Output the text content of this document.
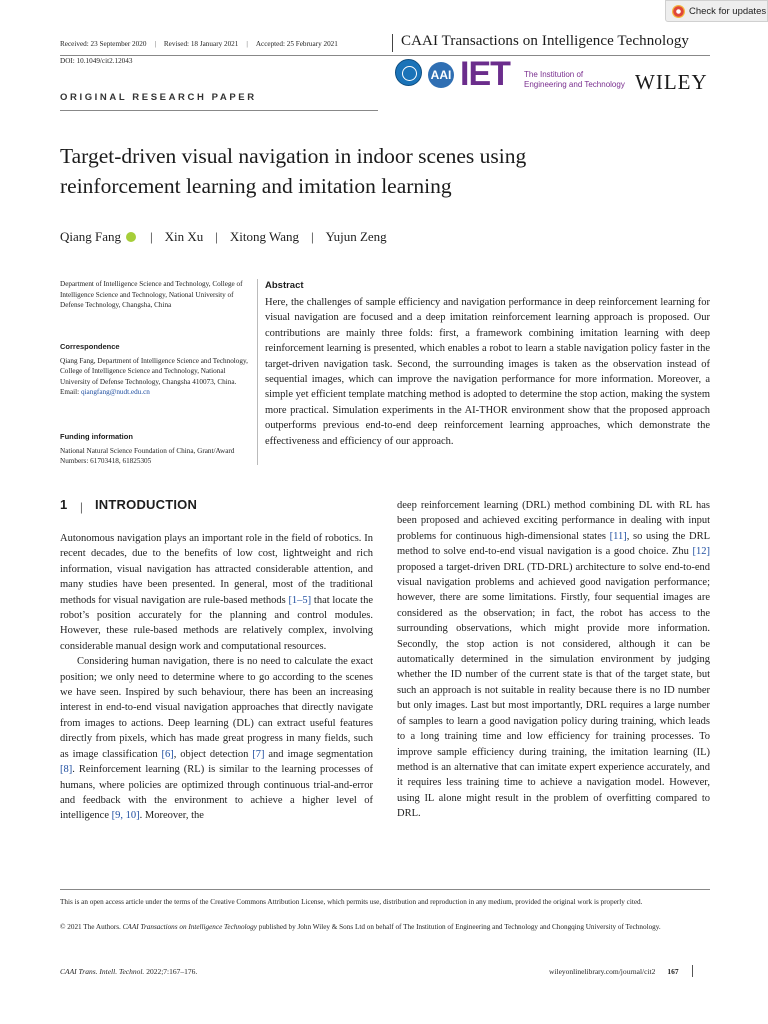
Check for updates
Received: 23 September 2020 | Revised: 18 January 2021 | Accepted: 25 February 2021	CAAI Transactions on Intelligence Technology
DOI: 10.1049/cit2.12043
AAI IET The Institution of
Engineering and Technology WILEY
ORIGINAL RESEARCH PAPER
Target-driven visual navigation in indoor scenes using
reinforcement learning and imitation learning
Qiang Fang | Xin Xu | Xitong Wang | Yujun Zeng
Department of Intelligence Science and Technology, College of Intelligence Science and Technology, National University of Defense Technology, Changsha, China
Correspondence
Qiang Fang, Department of Intelligence Science and Technology, College of Intelligence Science and Technology, National University of Defense Technology, Changsha 410073, China.
Email: qiangfang@nudt.edu.cn
Funding information
National Natural Science Foundation of China, Grant/Award Numbers: 61703418, 61825305
Abstract
Here, the challenges of sample efficiency and navigation performance in deep reinforcement learning for visual navigation are focused and a deep imitation reinforcement learning approach is proposed. Our contributions are mainly three folds: first, a framework combining imitation learning with deep reinforcement learning is presented, which enables a robot to learn a stable navigation policy faster in the target-driven navigation task. Second, the surrounding images is taken as the observation instead of sequential images, which can improve the navigation performance for more information. Moreover, a simple yet efficient template matching method is adopted to determine the stop action, making the system more practical. Simulation experiments in the AI-THOR environment show that the proposed approach outperforms previous end-to-end deep reinforcement learning approaches, which demonstrate the effectiveness and efficiency of our approach.
1 | INTRODUCTION

Autonomous navigation plays an important role in the field of robotics. In recent decades, due to the benefits of low cost, lightweight and rich information, visual navigation has attracted considerable attention, and many studies have been presented. In general, most of the traditional methods for visual navigation are rule-based methods [1–5] that locate the robot’s position accurately for the planning and control modules. However, these rule-based methods are relatively complex, involving considerable manual design work and computational resources.

Considering human navigation, there is no need to calculate the exact position; we only need to determine where to go according to the scenes we have seen. Inspired by such behaviour, there has been an increasing interest in end-to-end visual navigation approaches that directly navigate from images to actions. Deep learning (DL) can extract useful features directly from pixels, which has made great progress in many fields, such as image classification [6], object detection [7] and image segmentation [8]. Reinforcement learning (RL) is similar to the learning processes of humans, where policies are optimized through continuous trial-and-error and feedback with the environment to achieve a higher level of intelligence [9, 10]. Moreover, the

deep reinforcement learning (DRL) method combining DL with RL has been proposed and achieved exciting performance in dealing with input problems for continuous high-dimensional states [11], so using the DRL method to solve end-to-end visual navigation is a good choice. Zhu [12] proposed a target-driven DRL (TD-DRL) architecture to solve end-to-end visual navigation problems and achieved good navigation performance; however, there are some limitations. Firstly, four sequential images are considered as the observation; in fact, the robot has access to the surrounding observations, which might provide more information. Secondly, the stop action is not considered, although it can be automatically determined in the simulation environment by judging whether the ID number of the current state is that of the target state, but such an approach is not suitable in reality because there is no ID number but only images. Last but most importantly, DRL requires a large number of samples to learn a good navigation policy during training, which leads to a long training time and low efficiency for training processes. To improve sample efficiency during training, the imitation learning (IL) method is an alternative that can imitate expert experience accurately, and it requires less training time to achieve a navigation model. However, using IL alone might result in the problem of overfitting compared to DRL.

This is an open access article under the terms of the Creative Commons Attribution License, which permits use, distribution and reproduction in any medium, provided the original work is properly cited.
© 2021 The Authors. CAAI Transactions on Intelligence Technology published by John Wiley & Sons Ltd on behalf of The Institution of Engineering and Technology and Chongqing University of Technology.
CAAI Trans. Intell. Technol. 2022;7:167–176.	wileyonlinelibrary.com/journal/cit2 167
